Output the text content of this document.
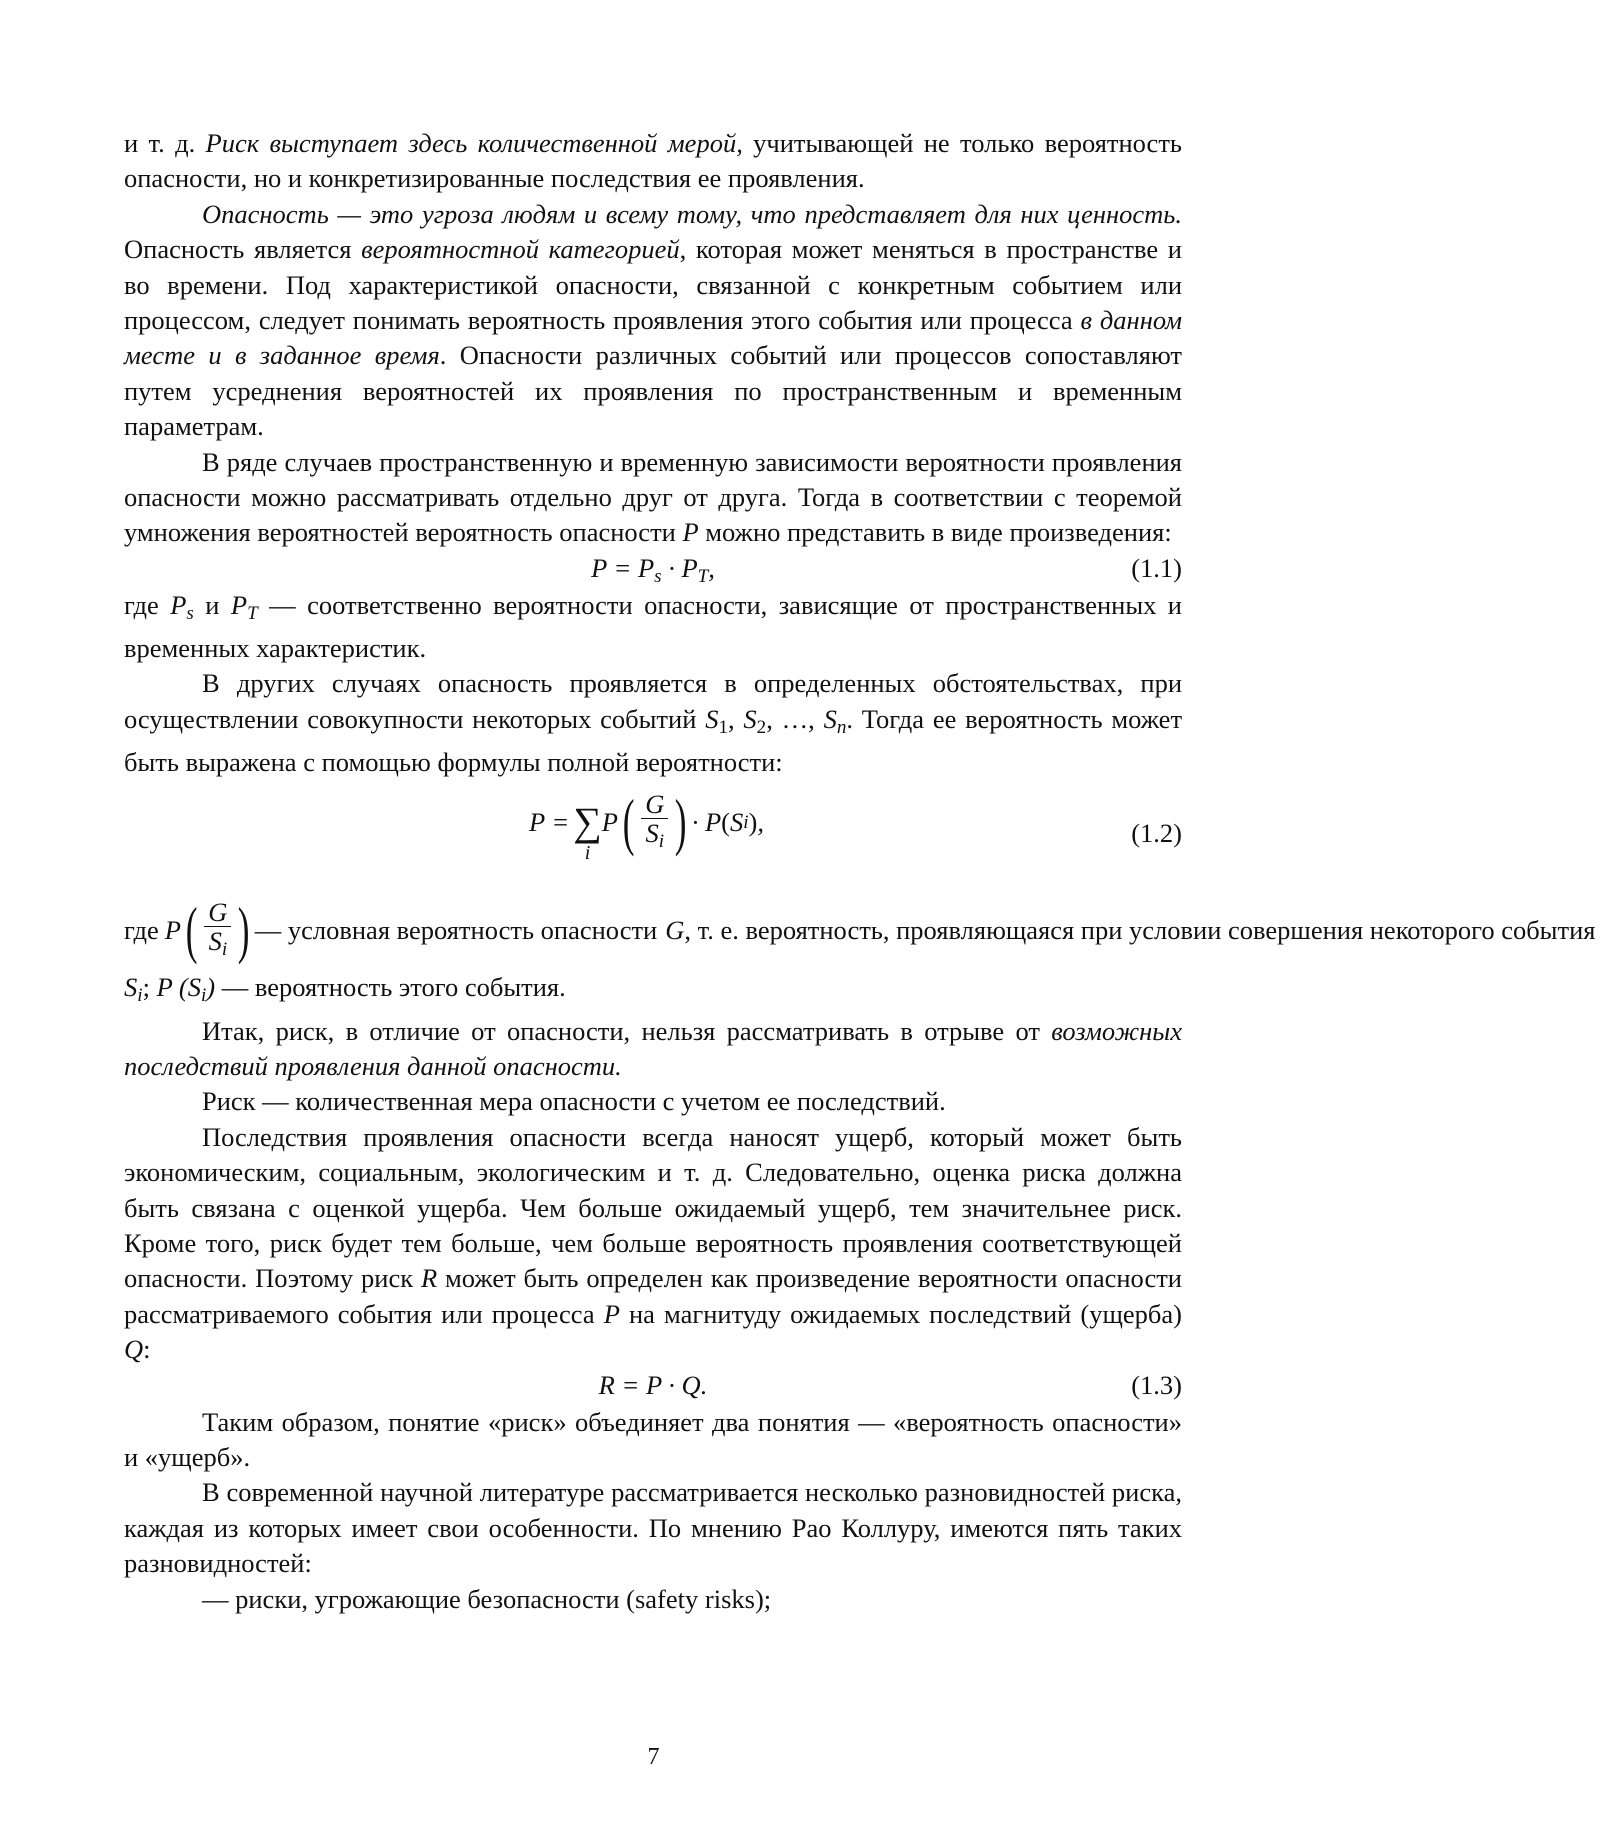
и т. д. Риск выступает здесь количественной мерой, учитывающей не только вероятность опасности, но и конкретизированные последствия ее проявления.

Опасность — это угроза людям и всему тому, что представляет для них ценность. Опасность является вероятностной категорией, которая может меняться в пространстве и во времени. Под характеристикой опасности, связанной с конкретным событием или процессом, следует понимать вероятность проявления этого события или процесса в данном месте и в заданное время. Опасности различных событий или процессов сопоставляют путем усреднения вероятностей их проявления по пространственным и временным параметрам.

В ряде случаев пространственную и временную зависимости вероятности проявления опасности можно рассматривать отдельно друг от друга. Тогда в соответствии с теоремой умножения вероятностей вероятность опасности P можно представить в виде произведения:

$P = P_s \cdot P_T$,	(1.1)

где $P_s$ и $P_T$ — соответственно вероятности опасности, зависящие от пространственных и временных характеристик.

В других случаях опасность проявляется в определенных обстоятельствах, при осуществлении совокупности некоторых событий $S_1$, $S_2$, …, $S_n$. Тогда ее вероятность может быть выражена с помощью формулы полной вероятности:

P = ∑
i
P ( $\frac{G}{S_i}$ ) · P ( S i ) ,	(1.2)
где P ( $\frac{G}{S_i}$ ) — условная вероятность опасности G , т. е. вероятность, проявляющаяся при условии совершения некоторого события

$S_i$; P $(S_i)$ — вероятность этого события.

Итак, риск, в отличие от опасности, нельзя рассматривать в отрыве от возможных последствий проявления данной опасности.

Риск — количественная мера опасности с учетом ее последствий.

Последствия проявления опасности всегда наносят ущерб, который может быть экономическим, социальным, экологическим и т. д. Следовательно, оценка риска должна быть связана с оценкой ущерба. Чем больше ожидаемый ущерб, тем значительнее риск. Кроме того, риск будет тем больше, чем больше вероятность проявления соответствующей опасности. Поэтому риск R может быть определен как произведение вероятности опасности рассматриваемого события или процесса P на магнитуду ожидаемых последствий (ущерба) Q:

R = P · Q.	(1.3)

Таким образом, понятие «риск» объединяет два понятия — «вероятность опасности» и «ущерб».

В современной научной литературе рассматривается несколько разновидностей риска, каждая из которых имеет свои особенности. По мнению Рао Коллуру, имеются пять таких разновидностей:

— риски, угрожающие безопасности (safety risks);

7
